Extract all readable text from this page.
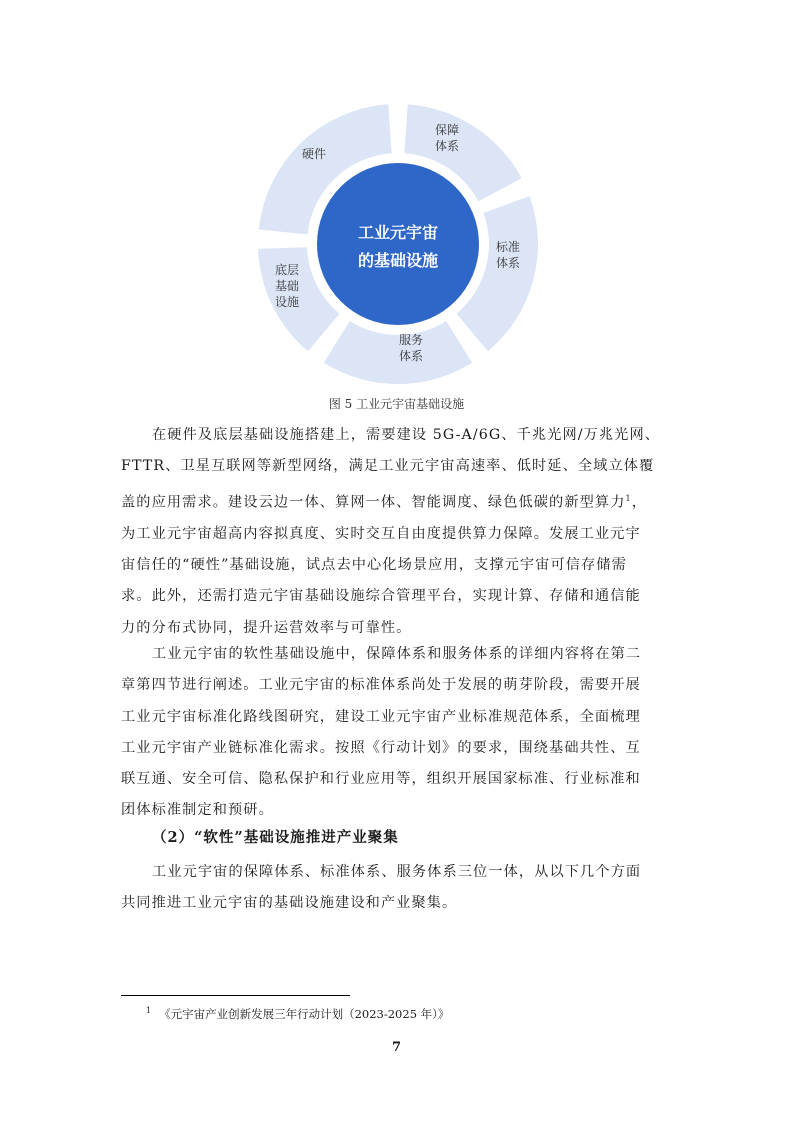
硬件
保障
体系
标准
体系
服务
体系
底层
基础
设施
工业元宇宙
的基础设施
图 5 工业元宇宙基础设施
在硬件及底层基础设施搭建上，需要建设 5G-A/6G、千兆光网/万兆光网、
FTTR、卫星互联网等新型网络，满足工业元宇宙高速率、低时延、全域立体覆
盖的应用需求。建设云边一体、算网一体、智能调度、绿色低碳的新型算力$^1$，
为工业元宇宙超高内容拟真度、实时交互自由度提供算力保障。发展工业元宇
宙信任的“硬性”基础设施，试点去中心化场景应用，支撑元宇宙可信存储需
求。此外，还需打造元宇宙基础设施综合管理平台，实现计算、存储和通信能
力的分布式协同，提升运营效率与可靠性。
工业元宇宙的软性基础设施中，保障体系和服务体系的详细内容将在第二
章第四节进行阐述。工业元宇宙的标准体系尚处于发展的萌芽阶段，需要开展
工业元宇宙标准化路线图研究，建设工业元宇宙产业标准规范体系，全面梳理
工业元宇宙产业链标准化需求。按照《行动计划》的要求，围绕基础共性、互
联互通、安全可信、隐私保护和行业应用等，组织开展国家标准、行业标准和
团体标准制定和预研。
（2）“软性”基础设施推进产业聚集
工业元宇宙的保障体系、标准体系、服务体系三位一体，从以下几个方面
共同推进工业元宇宙的基础设施建设和产业聚集。
$^1$ 《元宇宙产业创新发展三年行动计划（2023-2025 年）》
7
